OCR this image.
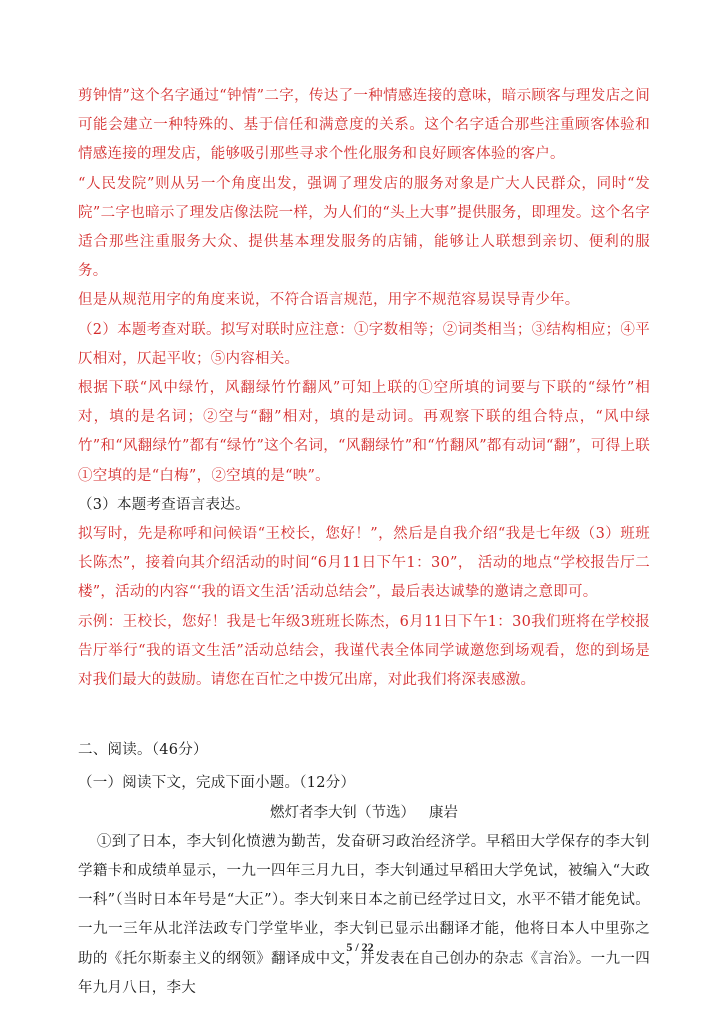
剪钟情”这个名字通过“钟情”二字，传达了一种情感连接的意味，暗示顾客与理发店之间可能会建立一种特殊的、基于信任和满意度的关系。这个名字适合那些注重顾客体验和情感连接的理发店，能够吸引那些寻求个性化服务和良好顾客体验的客户。

“人民发院”则从另一个角度出发，强调了理发店的服务对象是广大人民群众，同时“发院”二字也暗示了理发店像法院一样，为人们的“头上大事”提供服务，即理发。这个名字适合那些注重服务大众、提供基本理发服务的店铺，能够让人联想到亲切、便利的服务。

但是从规范用字的角度来说，不符合语言规范，用字不规范容易误导青少年。

（2）本题考查对联。拟写对联时应注意：①字数相等；②词类相当；③结构相应；④平仄相对，仄起平收；⑤内容相关。

根据下联“风中绿竹，风翻绿竹竹翻风”可知上联的①空所填的词要与下联的“绿竹”相对，填的是名词；②空与“翻”相对，填的是动词。再观察下联的组合特点，“风中绿竹”和“风翻绿竹”都有“绿竹”这个名词，“风翻绿竹”和“竹翻风”都有动词“翻”，可得上联①空填的是“白梅”，②空填的是“映”。

（3）本题考查语言表达。

拟写时，先是称呼和问候语“王校长，您好！”，然后是自我介绍“我是七年级（3）班班长陈杰”，接着向其介绍活动的时间“6月11日下午1：30”， 活动的地点“学校报告厅二楼”，活动的内容“‘我的语文生活’活动总结会”，最后表达诚挚的邀请之意即可。

示例：王校长，您好！我是七年级3班班长陈杰，6月11日下午1：30我们班将在学校报告厅举行“我的语文生活”活动总结会，我谨代表全体同学诚邀您到场观看，您的到场是对我们最大的鼓励。请您在百忙之中拨冗出席，对此我们将深表感激。

二、阅读。（46分）

（一）阅读下文，完成下面小题。（12分）

燃灯者李大钊（节选） 康岩

①到了日本，李大钊化愤懑为勤苦，发奋研习政治经济学。早稻田大学保存的李大钊学籍卡和成绩单显示，一九一四年三月九日，李大钊通过早稻田大学免试，被编入“大政一科”（当时日本年号是“大正”）。李大钊来日本之前已经学过日文，水平不错才能免试。一九一三年从北洋法政专门学堂毕业，李大钊已显示出翻译才能，他将日本人中里弥之助的《托尔斯泰主义的纲领》翻译成中文，并发表在自己创办的杂志《言治》。一九一四年九月八日，李大

5 / 22
